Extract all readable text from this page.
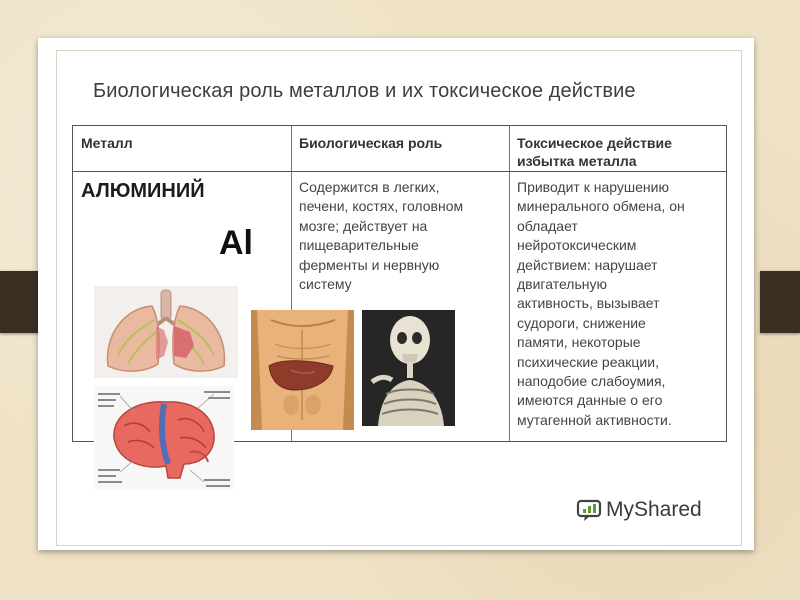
Биологическая роль металлов и их токсическое действие
Металл	Биологическая роль	Токсическое действие
избытка металла
АЛЮМИНИЙ
Al
Содержится в легких,
печени, костях, головном
мозге; действует на
пищеварительные
ферменты и нервную
систему
Приводит к нарушению
минерального обмена, он
обладает
нейротоксическим
действием: нарушает
двигательную
активность, вызывает
судороги, снижение
памяти, некоторые
психические реакции,
наподобие слабоумия,
имеются данные о его
мутагенной активности.
MyShared
